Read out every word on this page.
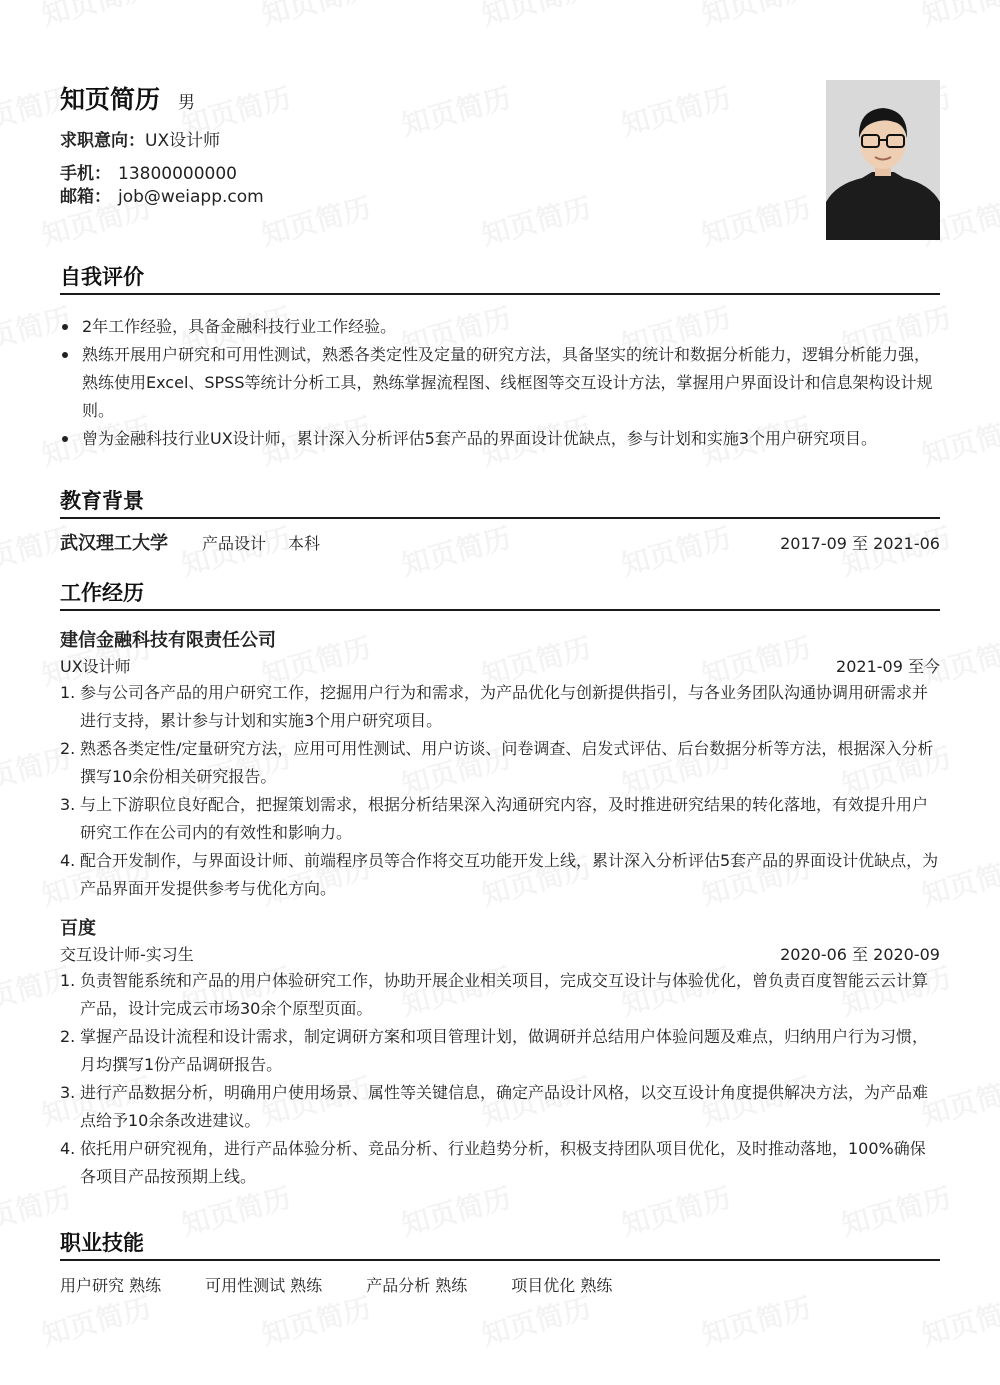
知页简历 男
求职意向：UX设计师
手机： 13800000000
邮箱： job@weiapp.com
自我评价
2年工作经验，具备金融科技行业工作经验。
熟练开展用户研究和可用性测试，熟悉各类定性及定量的研究方法，具备坚实的统计和数据分析能力，逻辑分析能力强，熟练使用Excel、SPSS等统计分析工具，熟练掌握流程图、线框图等交互设计方法，掌握用户界面设计和信息架构设计规则。
曾为金融科技行业UX设计师，累计深入分析评估5套产品的界面设计优缺点，参与计划和实施3个用户研究项目。
教育背景
武汉理工大学 产品设计 本科	2017-09 至 2021-06
工作经历
建信金融科技有限责任公司
UX设计师	2021-09 至今
1. 参与公司各产品的用户研究工作，挖掘用户行为和需求，为产品优化与创新提供指引，与各业务团队沟通协调用研需求并进行支持，累计参与计划和实施3个用户研究项目。
2. 熟悉各类定性/定量研究方法，应用可用性测试、用户访谈、问卷调查、启发式评估、后台数据分析等方法，根据深入分析撰写10余份相关研究报告。
3. 与上下游职位良好配合，把握策划需求，根据分析结果深入沟通研究内容，及时推进研究结果的转化落地，有效提升用户研究工作在公司内的有效性和影响力。
4. 配合开发制作，与界面设计师、前端程序员等合作将交互功能开发上线，累计深入分析评估5套产品的界面设计优缺点，为产品界面开发提供参考与优化方向。
百度
交互设计师-实习生	2020-06 至 2020-09
1. 负责智能系统和产品的用户体验研究工作，协助开展企业相关项目，完成交互设计与体验优化，曾负责百度智能云云计算产品，设计完成云市场30余个原型页面。
2. 掌握产品设计流程和设计需求，制定调研方案和项目管理计划，做调研并总结用户体验问题及难点，归纳用户行为习惯，月均撰写1份产品调研报告。
3. 进行产品数据分析，明确用户使用场景、属性等关键信息，确定产品设计风格，以交互设计角度提供解决方法，为产品难点给予10余条改进建议。
4. 依托用户研究视角，进行产品体验分析、竞品分析、行业趋势分析，积极支持团队项目优化，及时推动落地，100%确保各项目产品按预期上线。
职业技能
用户研究 熟练	可用性测试 熟练	产品分析 熟练	项目优化 熟练
